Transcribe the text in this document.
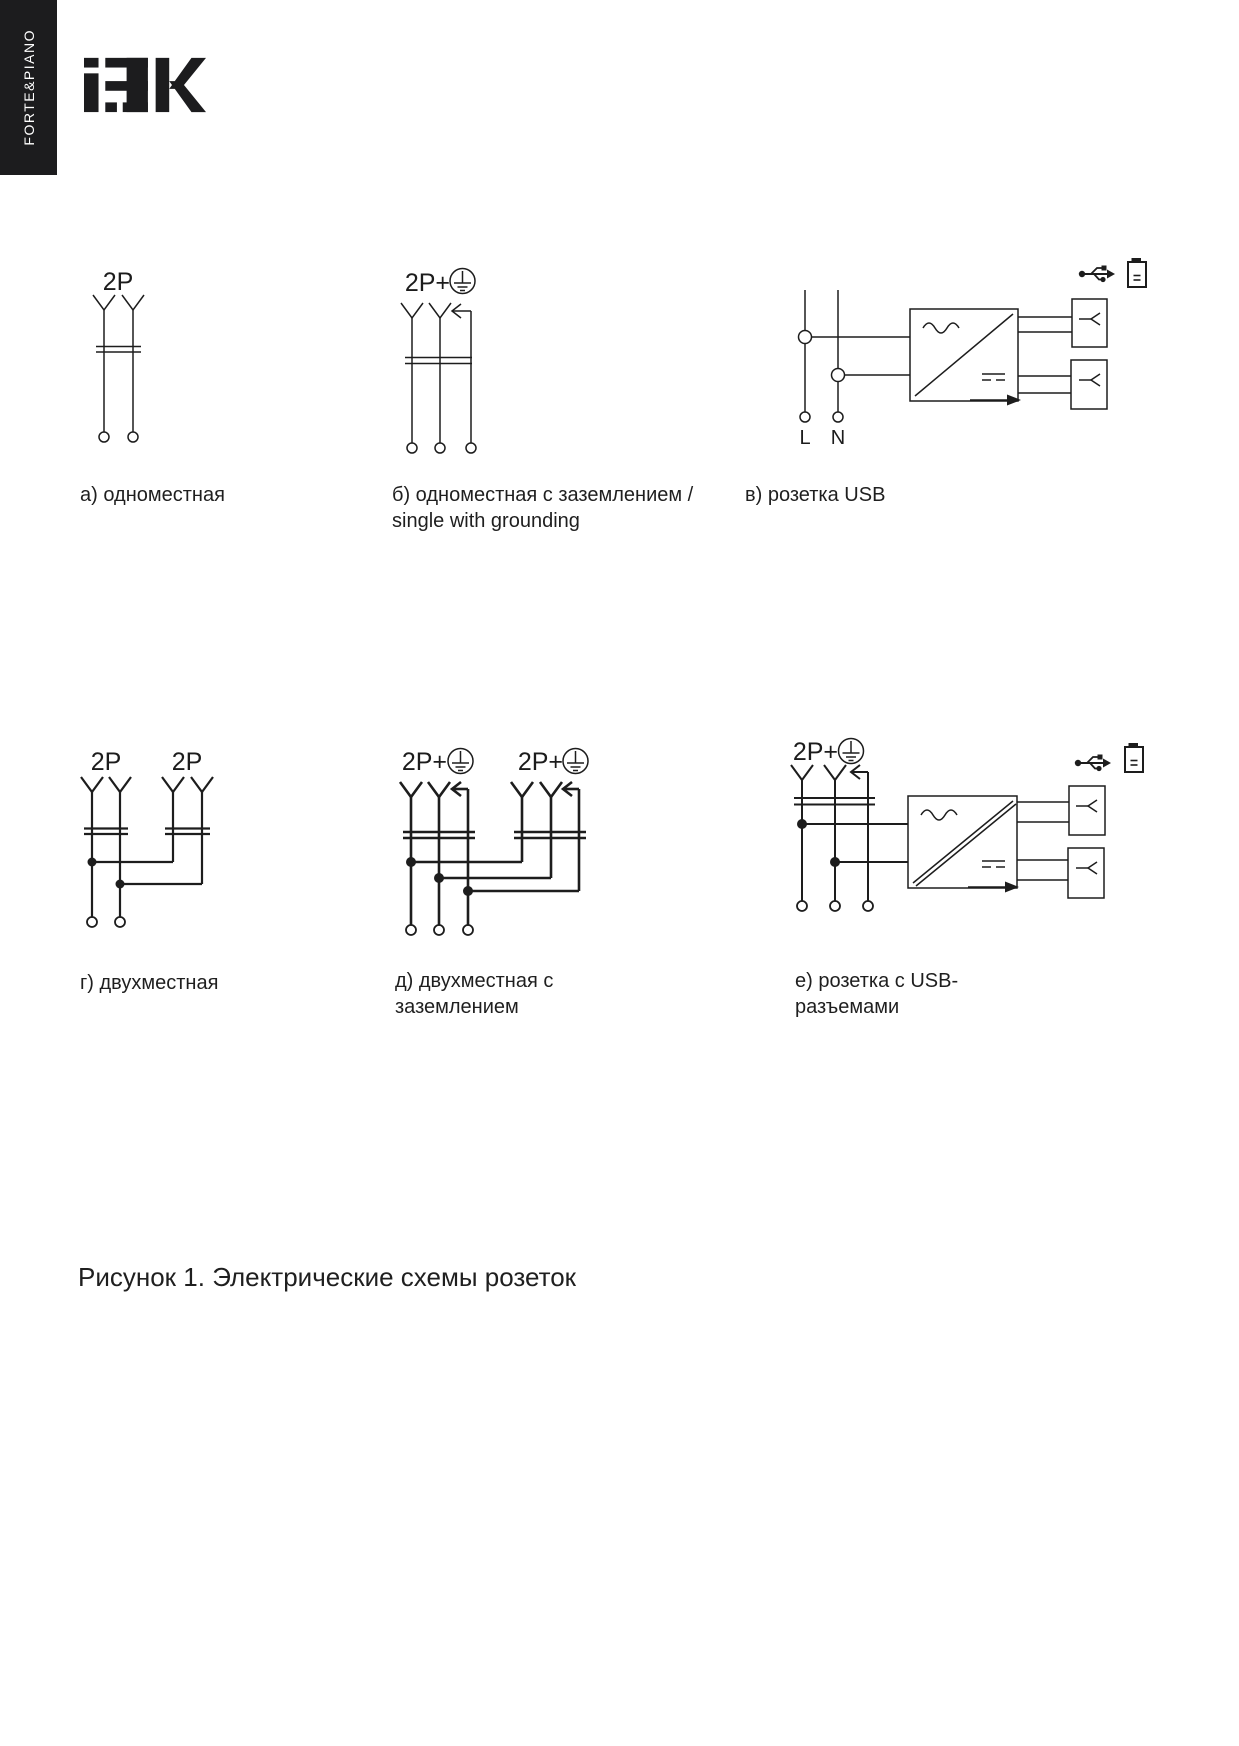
FORTE&PIANO
2P	2P+
L N
2P 2P	2P+	2P+	2P+
а) одноместная	б) одноместная с заземлением /
single with grounding
в) розетка USB
г) двухместная	д) двухместная с
заземлением
е) розетка с USB-
разъемами
Рисунок 1. Электрические схемы розеток
